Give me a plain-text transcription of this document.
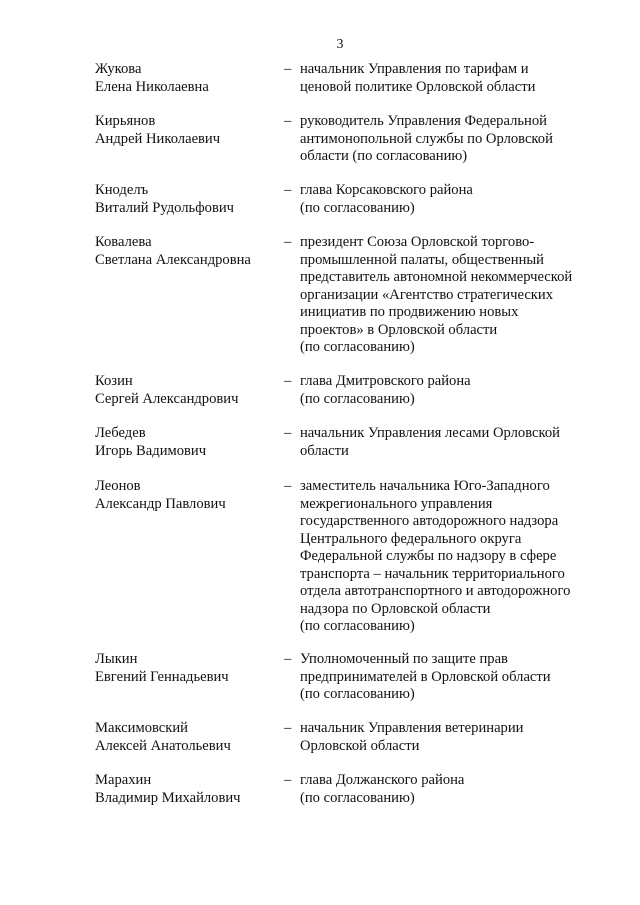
3
Жукова
Елена Николаевна
– начальник Управления по тарифам и
ценовой политике Орловской области
Кирьянов
Андрей Николаевич
– руководитель Управления Федеральной
антимонопольной службы по Орловской
области (по согласованию)
Кноделъ
Виталий Рудольфович
– глава Корсаковского района
(по согласованию)
Ковалева
Светлана Александровна
– президент Союза Орловской торгово-
промышленной палаты, общественный
представитель автономной некоммерческой
организации «Агентство стратегических
инициатив по продвижению новых
проектов» в Орловской области
(по согласованию)
Козин
Сергей Александрович
– глава Дмитровского района
(по согласованию)
Лебедев
Игорь Вадимович
– начальник Управления лесами Орловской
области
Леонов
Александр Павлович
– заместитель начальника Юго-Западного
межрегионального управления
государственного автодорожного надзора
Центрального федерального округа
Федеральной службы по надзору в сфере
транспорта – начальник территориального
отдела автотранспортного и автодорожного
надзора по Орловской области
(по согласованию)
Лыкин
Евгений Геннадьевич
– Уполномоченный по защите прав
предпринимателей в Орловской области
(по согласованию)
Максимовский
Алексей Анатольевич
– начальник Управления ветеринарии
Орловской области
Марахин
Владимир Михайлович
– глава Должанского района
(по согласованию)
